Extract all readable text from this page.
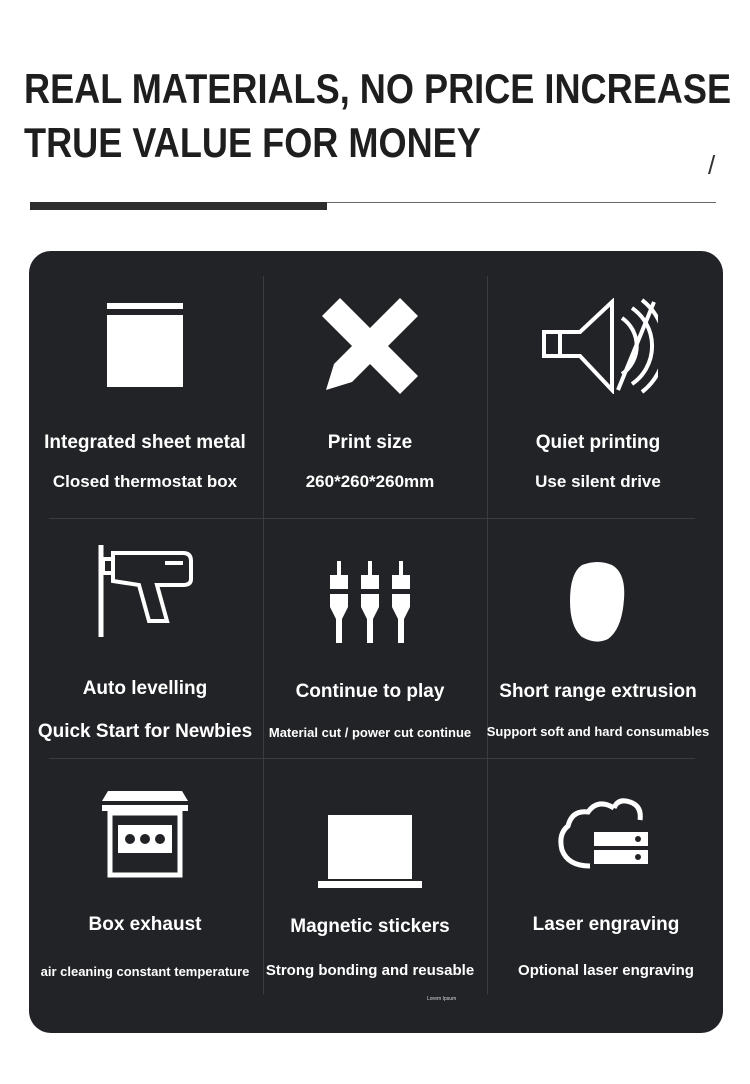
REAL MATERIALS, NO PRICE INCREASE
TRUE VALUE FOR MONEY	/
Integrated sheet metal
Closed thermostat box
Print size
260*260*260mm
Quiet printing
Use silent drive
Auto levelling
Quick Start for Newbies
Continue to play
Material cut / power cut continue
Short range extrusion
Support soft and hard consumables
Box exhaust
air cleaning constant temperature
Magnetic stickers
Strong bonding and reusable
Laser engraving
Optional laser engraving
Lorem Ipsum
